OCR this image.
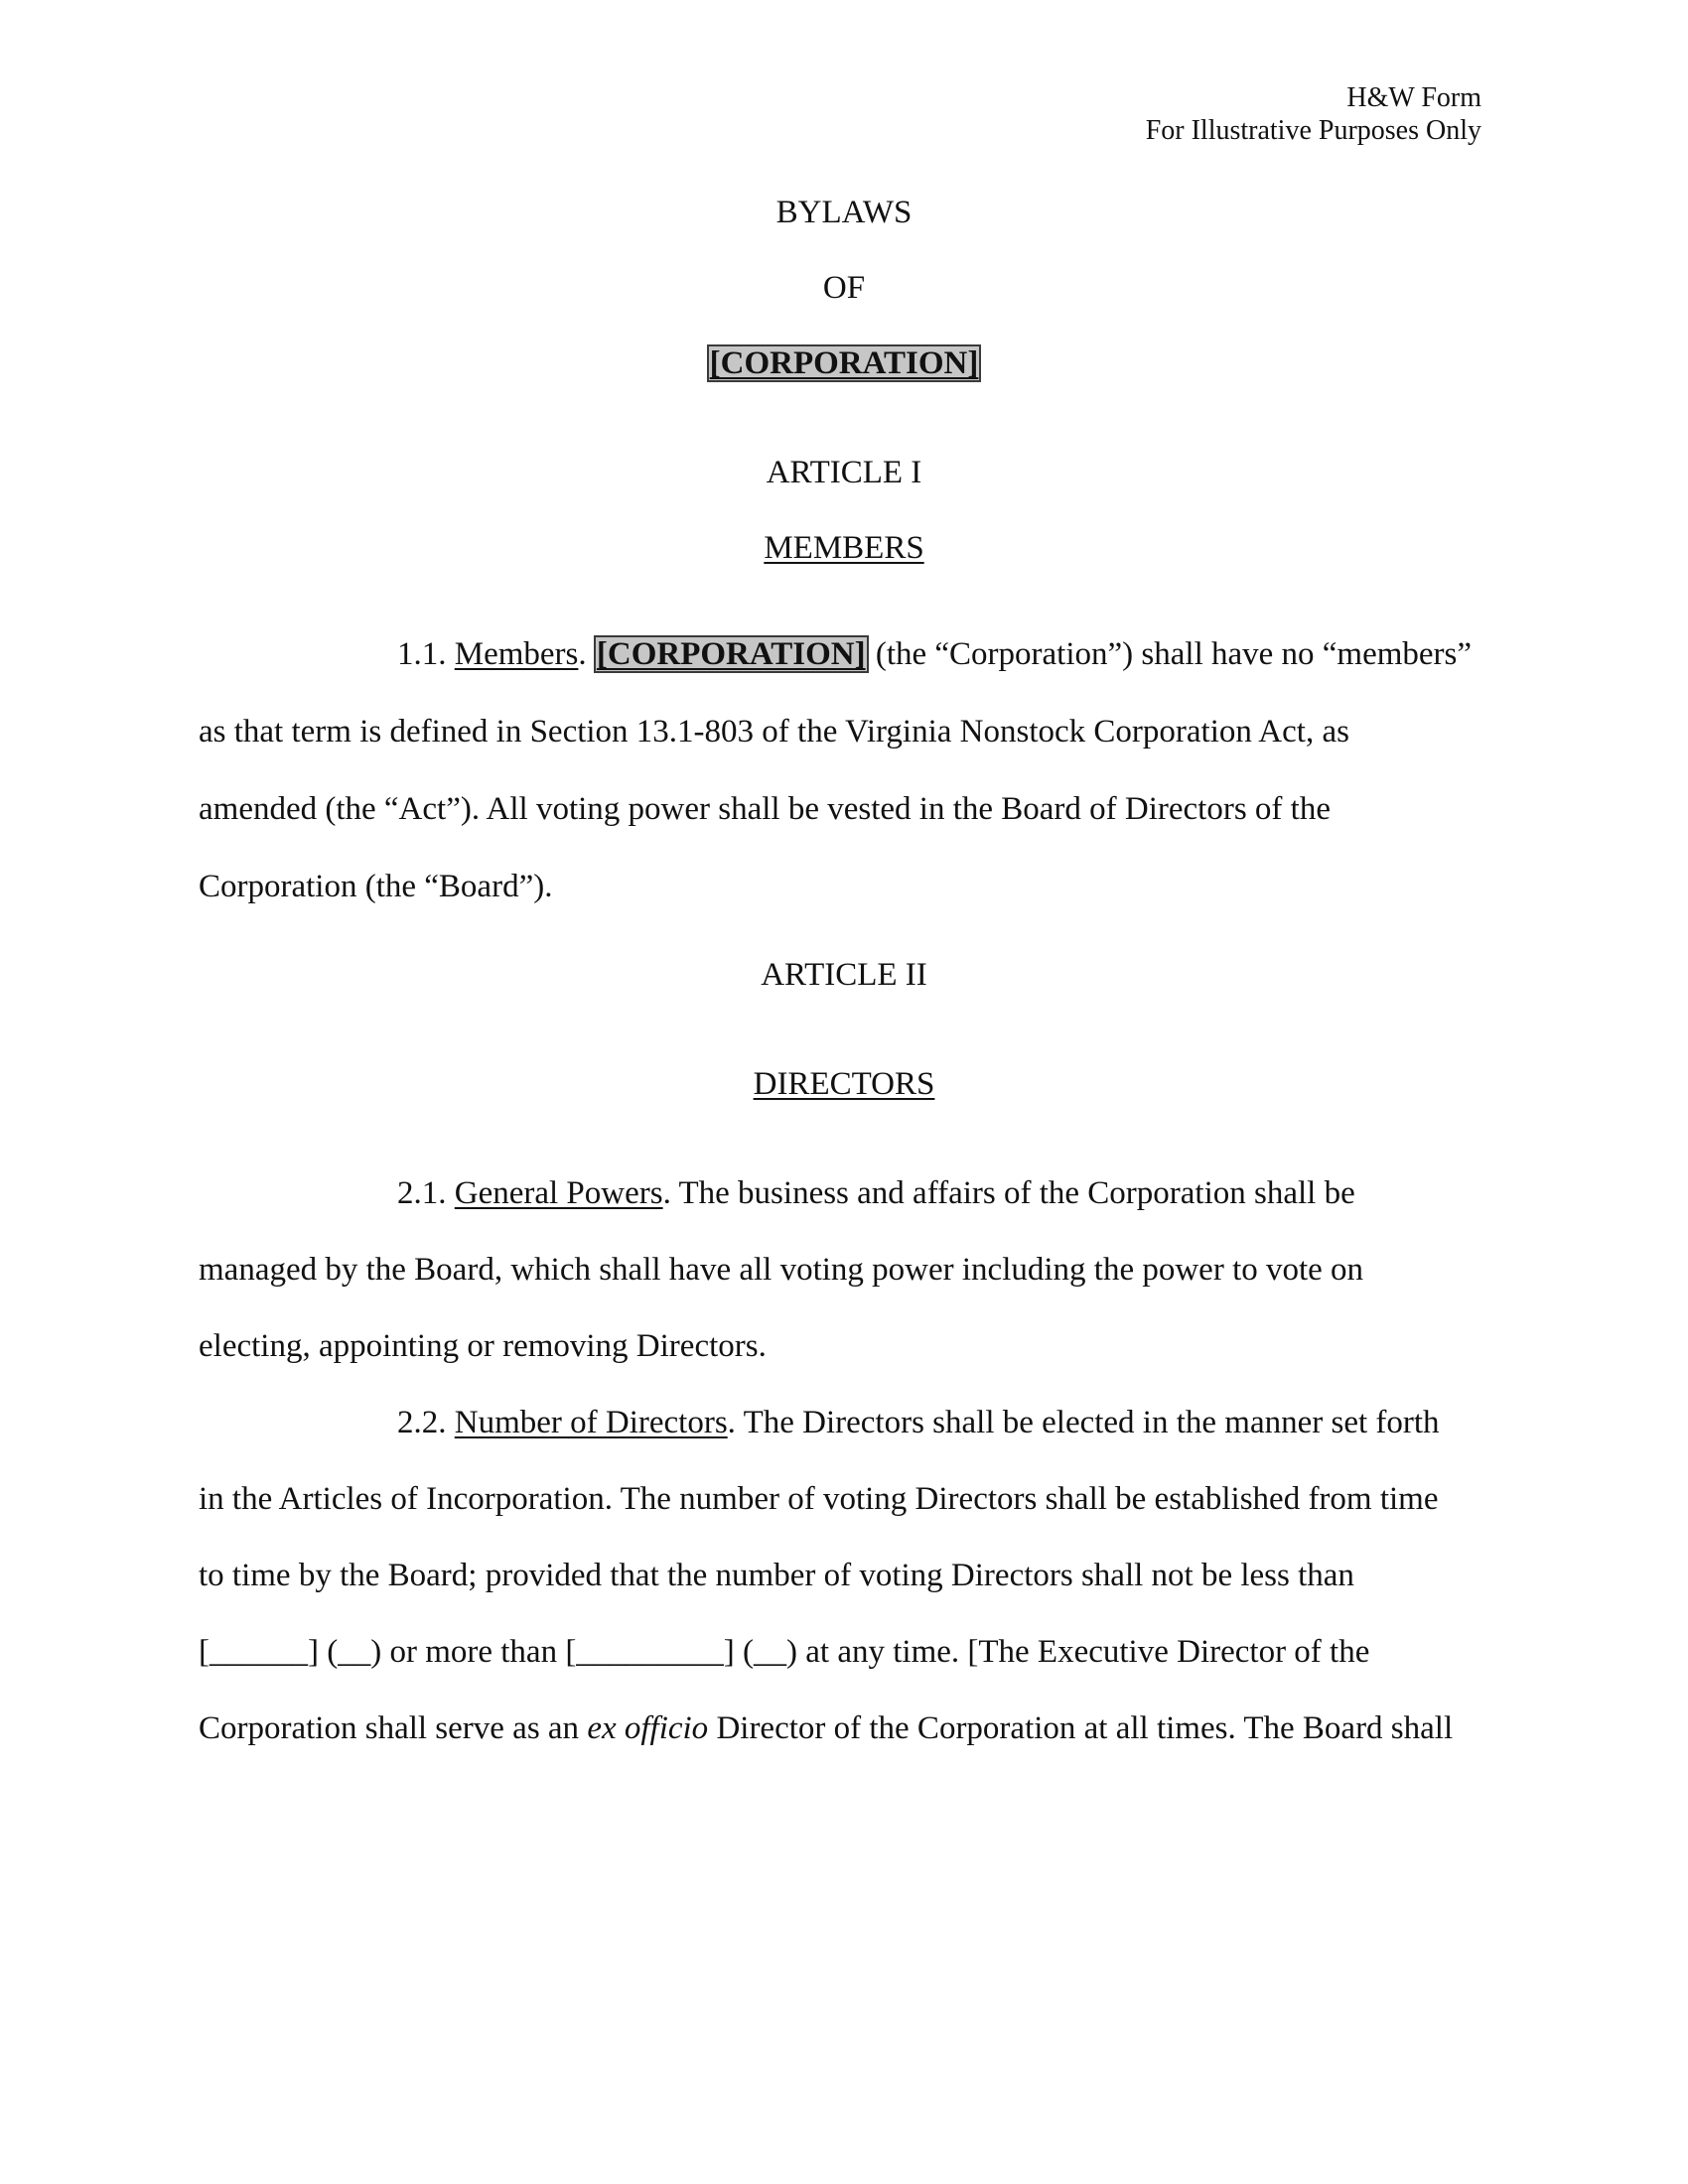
H&W Form
For Illustrative Purposes Only
BYLAWS
OF
[CORPORATION]
ARTICLE I
MEMBERS
1.1. Members. [CORPORATION] (the “Corporation”) shall have no “members”
as that term is defined in Section 13.1-803 of the Virginia Nonstock Corporation Act, as
amended (the “Act”). All voting power shall be vested in the Board of Directors of the
Corporation (the “Board”).
ARTICLE II
DIRECTORS
2.1. General Powers. The business and affairs of the Corporation shall be
managed by the Board, which shall have all voting power including the power to vote on
electing, appointing or removing Directors.
2.2. Number of Directors. The Directors shall be elected in the manner set forth
in the Articles of Incorporation. The number of voting Directors shall be established from time
to time by the Board; provided that the number of voting Directors shall not be less than
[______] (__) or more than [_________] (__) at any time. [The Executive Director of the
Corporation shall serve as an ex officio Director of the Corporation at all times. The Board shall
